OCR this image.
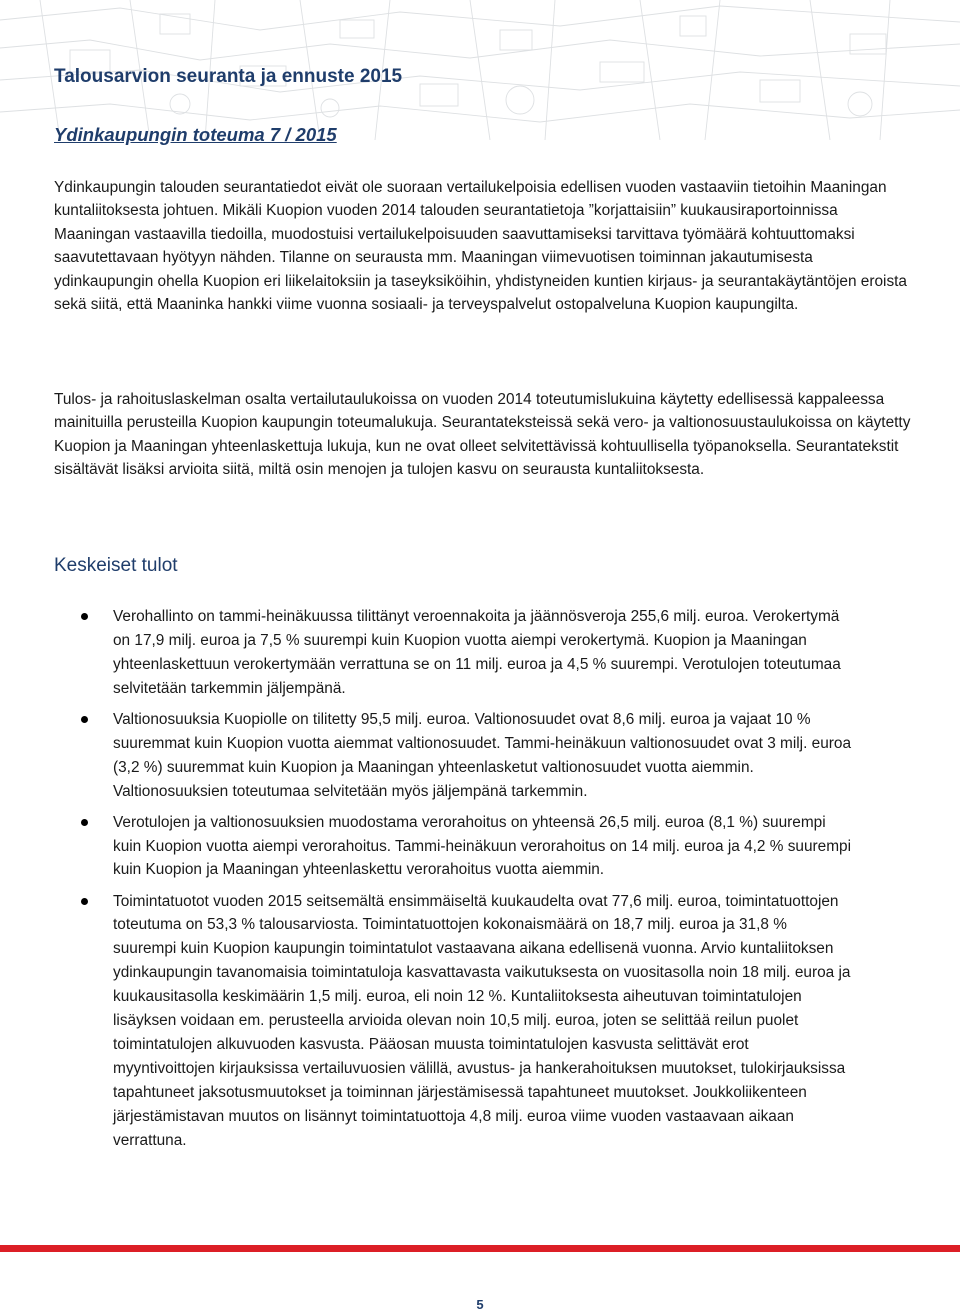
Talousarvion seuranta ja ennuste 2015
Ydinkaupungin toteuma 7 / 2015

Ydinkaupungin talouden seurantatiedot eivät ole suoraan vertailukelpoisia edellisen vuoden vastaaviin tietoihin Maaningan kuntaliitoksesta johtuen. Mikäli Kuopion vuoden 2014 talouden seurantatietoja ”korjattaisiin” kuukausiraportoinnissa Maaningan vastaavilla tiedoilla, muodostuisi vertailukelpoisuuden saavuttamiseksi tarvittava työmäärä kohtuuttomaksi saavutettavaan hyötyyn nähden. Tilanne on seurausta mm. Maaningan viimevuotisen toiminnan jakautumisesta ydinkaupungin ohella Kuopion eri liikelaitoksiin ja taseyksiköihin, yhdistyneiden kuntien kirjaus- ja seurantakäytäntöjen eroista sekä siitä, että Maaninka hankki viime vuonna sosiaali- ja terveyspalvelut ostopalveluna Kuopion kaupungilta.

Tulos- ja rahoituslaskelman osalta vertailutaulukoissa on vuoden 2014 toteutumislukuina käytetty edellisessä kappaleessa mainituilla perusteilla Kuopion kaupungin toteumalukuja. Seurantateksteissä sekä vero- ja valtionosuustaulukoissa on käytetty Kuopion ja Maaningan yhteenlaskettuja lukuja, kun ne ovat olleet selvitettävissä kohtuullisella työpanoksella. Seurantatekstit sisältävät lisäksi arvioita siitä, miltä osin menojen ja tulojen kasvu on seurausta kuntaliitoksesta.

Keskeiset tulot
Verohallinto on tammi-heinäkuussa tilittänyt veroennakoita ja jäännösveroja 255,6 milj. euroa. Verokertymä on 17,9 milj. euroa ja 7,5 % suurempi kuin Kuopion vuotta aiempi verokertymä. Kuopion ja Maaningan yhteenlaskettuun verokertymään verrattuna se on 11 milj. euroa ja 4,5 % suurempi. Verotulojen toteutumaa selvitetään tarkemmin jäljempänä.
Valtionosuuksia Kuopiolle on tilitetty 95,5 milj. euroa. Valtionosuudet ovat 8,6 milj. euroa ja vajaat 10 % suuremmat kuin Kuopion vuotta aiemmat valtionosuudet. Tammi-heinäkuun valtionosuudet ovat 3 milj. euroa (3,2 %) suuremmat kuin Kuopion ja Maaningan yhteenlasketut valtionosuudet vuotta aiemmin. Valtionosuuksien toteutumaa selvitetään myös jäljempänä tarkemmin.
Verotulojen ja valtionosuuksien muodostama verorahoitus on yhteensä 26,5 milj. euroa (8,1 %) suurempi kuin Kuopion vuotta aiempi verorahoitus. Tammi-heinäkuun verorahoitus on 14 milj. euroa ja 4,2 % suurempi kuin Kuopion ja Maaningan yhteenlaskettu verorahoitus vuotta aiemmin.
Toimintatuotot vuoden 2015 seitsemältä ensimmäiseltä kuukaudelta ovat 77,6 milj. euroa, toimintatuottojen toteutuma on 53,3 % talousarviosta. Toimintatuottojen kokonaismäärä on 18,7 milj. euroa ja 31,8 % suurempi kuin Kuopion kaupungin toimintatulot vastaavana aikana edellisenä vuonna. Arvio kuntaliitoksen ydinkaupungin tavanomaisia toimintatuloja kasvattavasta vaikutuksesta on vuositasolla noin 18 milj. euroa ja kuukausitasolla keskimäärin 1,5 milj. euroa, eli noin 12 %. Kuntaliitoksesta aiheutuvan toimintatulojen lisäyksen voidaan em. perusteella arvioida olevan noin 10,5 milj. euroa, joten se selittää reilun puolet toimintatulojen alkuvuoden kasvusta. Pääosan muusta toimintatulojen kasvusta selittävät erot myyntivoittojen kirjauksissa vertailuvuosien välillä, avustus- ja hankerahoituksen muutokset, tulokirjauksissa tapahtuneet jaksotusmuutokset ja toiminnan järjestämisessä tapahtuneet muutokset. Joukkoliikenteen järjestämistavan muutos on lisännyt toimintatuottoja 4,8 milj. euroa viime vuoden vastaavaan aikaan verrattuna.
5
